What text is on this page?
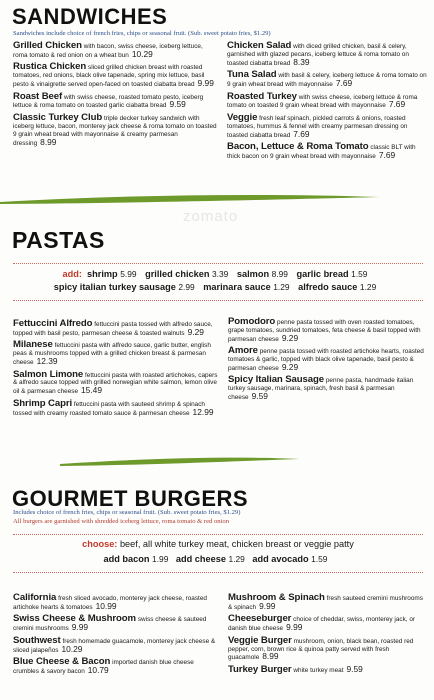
SANDWICHES
Sandwiches include choice of french fries, chips or seasonal fruit. (Sub. sweet potato fries, $1.29)
Grilled Chicken with bacon, swiss cheese, iceberg lettuce, roma tomato & red onion on a wheat bun 10.29
Rustica Chicken sliced grilled chicken breast with roasted tomatoes, red onions, black olive tapenade, spring mix lettuce, basil pesto & vinaigrette served open-faced on toasted ciabatta bread 9.99
Roast Beef with swiss cheese, roasted tomato pesto, iceberg lettuce & roma tomato on toasted garlic ciabatta bread 9.59
Classic Turkey Club triple decker turkey sandwich with iceberg lettuce, bacon, monterey jack cheese & roma tomato on toasted 9 grain wheat bread with mayonnaise & creamy parmesan dressing 8.99
Chicken Salad with diced grilled chicken, basil & celery, garnished with glazed pecans, iceberg lettuce & roma tomato on toasted ciabatta bread 8.39
Tuna Salad with basil & celery, iceberg lettuce & roma tomato on 9 grain wheat bread with mayonnaise 7.69
Roasted Turkey with swiss cheese, iceberg lettuce & roma tomato on toasted 9 grain wheat bread with mayonnaise 7.69
Veggie fresh leaf spinach, pickled carrots & onions, roasted tomatoes, hummus & fennel with creamy parmesan dressing on toasted ciabatta bread 7.69
Bacon, Lettuce & Roma Tomato classic BLT with thick bacon on 9 grain wheat bread with mayonnaise 7.69
zomato
PASTAS
add: shrimp 5.99 grilled chicken 3.39 salmon 8.99 garlic bread 1.59
spicy italian turkey sausage 2.99 marinara sauce 1.29 alfredo sauce 1.29
Fettuccini Alfredo fettuccini pasta tossed with alfredo sauce, topped with basil pesto, parmesan cheese & toasted walnuts 9.29
Milanese fettuccini pasta with alfredo sauce, garlic butter, english peas & mushrooms topped with a grilled chicken breast & parmesan cheese 12.39
Salmon Limone fettuccini pasta with roasted artichokes, capers & alfredo sauce topped with grilled norwegian white salmon, lemon olive oil & parmesan cheese 15.49
Shrimp Capri fettuccini pasta with sauteed shrimp & spinach tossed with creamy roasted tomato sauce & parmesan cheese 12.99
Pomodoro penne pasta tossed with oven roasted tomatoes, grape tomatoes, sundried tomatoes, feta cheese & basil topped with parmesan cheese 9.29
Amore penne pasta tossed with roasted artichoke hearts, roasted tomatoes & garlic, topped with black olive tapenade, basil pesto & parmesan cheese 9.29
Spicy Italian Sausage penne pasta, handmade italian turkey sausage, marinara, spinach, fresh basil & parmesan cheese 9.59
GOURMET BURGERS
Includes choice of french fries, chips or seasonal fruit. (Sub. sweet potato fries, $1.29)
All burgers are garnished with shredded iceberg lettuce, roma tomato & red onion
choose: beef, all white turkey meat, chicken breast or veggie patty
add bacon 1.99 add cheese 1.29 add avocado 1.59
California fresh sliced avocado, monterey jack cheese, roasted artichoke hearts & tomatoes 10.99
Swiss Cheese & Mushroom swiss cheese & sauteed cremini mushrooms 9.99
Southwest fresh homemade guacamole, monterey jack cheese & sliced jalapeños 10.29
Blue Cheese & Bacon imported danish blue cheese crumbles & savory bacon 10.79
Mushroom & Spinach fresh sauteed cremini mushrooms & spinach 9.99
Cheeseburger choice of cheddar, swiss, monterey jack, or danish blue cheese 9.99
Veggie Burger mushroom, onion, black bean, roasted red pepper, corn, brown rice & quinoa patty served with fresh guacamole 8.99
Turkey Burger white turkey meat 9.59
